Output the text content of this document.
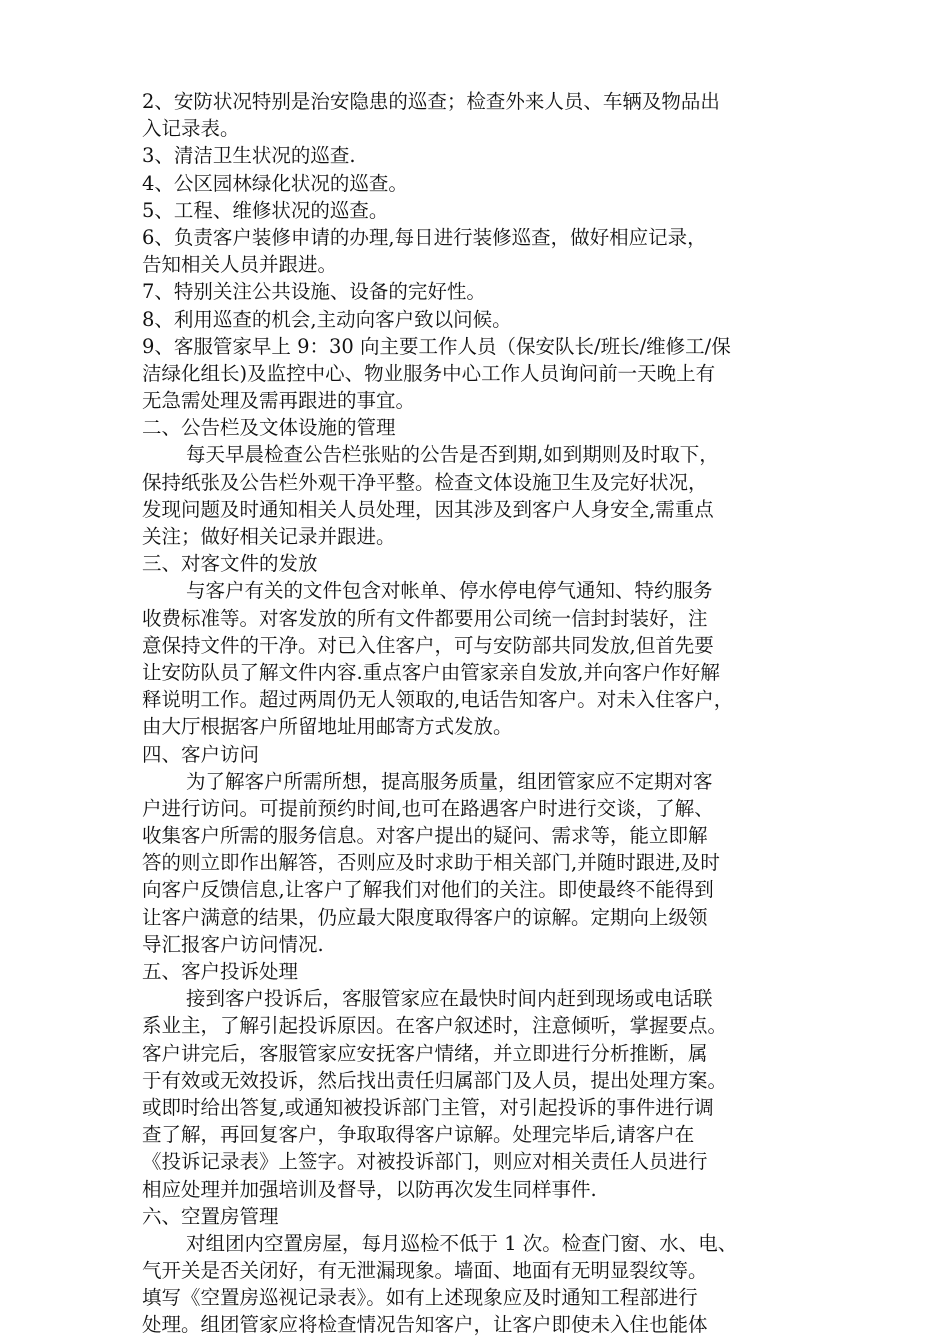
2、安防状况特别是治安隐患的巡查；检查外来人员、车辆及物品出
入记录表。
3、清洁卫生状况的巡查.
4、公区园林绿化状况的巡查。
5、工程、维修状况的巡查。
6、负责客户装修申请的办理,每日进行装修巡查，做好相应记录，
告知相关人员并跟进。
7、特别关注公共设施、设备的完好性。
8、利用巡查的机会,主动向客户致以问候。
9、客服管家早上 9：30 向主要工作人员（保安队长/班长/维修工/保
洁绿化组长)及监控中心、物业服务中心工作人员询问前一天晚上有
无急需处理及需再跟进的事宜。
二、公告栏及文体设施的管理
每天早晨检查公告栏张贴的公告是否到期,如到期则及时取下，
保持纸张及公告栏外观干净平整。检查文体设施卫生及完好状况，
发现问题及时通知相关人员处理，因其涉及到客户人身安全,需重点
关注；做好相关记录并跟进。
三、对客文件的发放
与客户有关的文件包含对帐单、停水停电停气通知、特约服务
收费标准等。对客发放的所有文件都要用公司统一信封封装好，注
意保持文件的干净。对已入住客户，可与安防部共同发放,但首先要
让安防队员了解文件内容.重点客户由管家亲自发放,并向客户作好解
释说明工作。超过两周仍无人领取的,电话告知客户。对未入住客户，
由大厅根据客户所留地址用邮寄方式发放。
四、客户访问
为了解客户所需所想，提高服务质量，组团管家应不定期对客
户进行访问。可提前预约时间,也可在路遇客户时进行交谈，了解、
收集客户所需的服务信息。对客户提出的疑问、需求等，能立即解
答的则立即作出解答，否则应及时求助于相关部门,并随时跟进,及时
向客户反馈信息,让客户了解我们对他们的关注。即使最终不能得到
让客户满意的结果，仍应最大限度取得客户的谅解。定期向上级领
导汇报客户访问情况.
五、客户投诉处理
接到客户投诉后，客服管家应在最快时间内赶到现场或电话联
系业主，了解引起投诉原因。在客户叙述时，注意倾听，掌握要点。
客户讲完后，客服管家应安抚客户情绪，并立即进行分析推断，属
于有效或无效投诉，然后找出责任归属部门及人员，提出处理方案。
或即时给出答复,或通知被投诉部门主管，对引起投诉的事件进行调
查了解，再回复客户，争取取得客户谅解。处理完毕后,请客户在
《投诉记录表》上签字。对被投诉部门，则应对相关责任人员进行
相应处理并加强培训及督导，以防再次发生同样事件.
六、空置房管理
对组团内空置房屋，每月巡检不低于 1 次。检查门窗、水、电、
气开关是否关闭好，有无泄漏现象。墙面、地面有无明显裂纹等。
填写《空置房巡视记录表》。如有上述现象应及时通知工程部进行
处理。组团管家应将检查情况告知客户，让客户即使未入住也能体
